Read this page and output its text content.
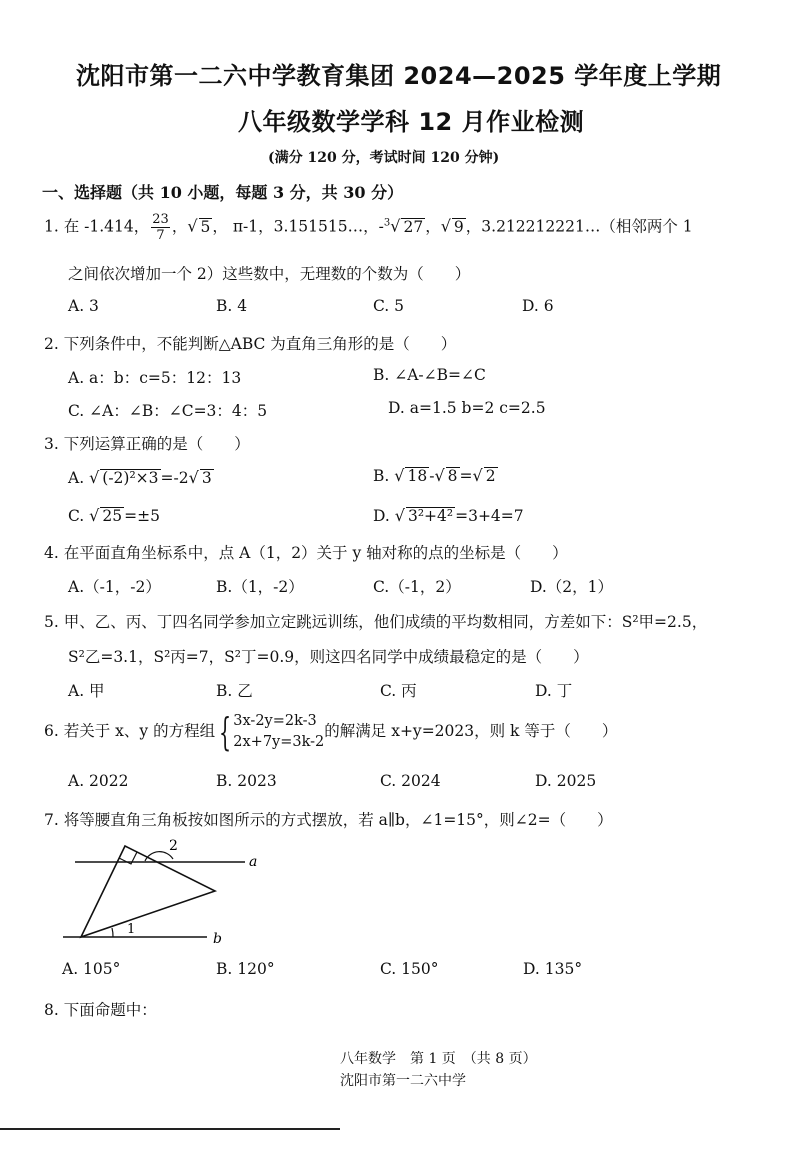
沈阳市第一二六中学教育集团 2024—2025 学年度上学期
八年级数学学科 12 月作业检测
(满分 120 分，考试时间 120 分钟)
一、选择题（共 10 小题，每题 3 分，共 30 分）
1. 在 -1.414， $\frac{23}{7}$ ，√ 5 ， π-1，3.151515…，-$^3$√ 27 ，√ 9 ，3.212212221…（相邻两个 1
之间依次增加一个 2）这些数中，无理数的个数为（　　）
A. 3	B. 4	C. 5	D. 6
2. 下列条件中，不能判断△ABC 为直角三角形的是（　　）
A. a：b：c=5：12：13	B. ∠A-∠B=∠C
C. ∠A：∠B：∠C=3：4：5	D. a=1.5 b=2 c=2.5
3. 下列运算正确的是（　　）
A. √ (-2)²×3 =-2√ 3	B. √ 18 -√ 8 =√ 2
C. √ 25 =±5	D. √ 3²+4² =3+4=7
4. 在平面直角坐标系中，点 A（1，2）关于 y 轴对称的点的坐标是（　　）
A.（-1，-2）	B.（1，-2）	C.（-1，2）	D.（2，1）
5. 甲、乙、丙、丁四名同学参加立定跳远训练，他们成绩的平均数相同，方差如下：S²甲=2.5，
S²乙=3.1，S²丙=7，S²丁=0.9，则这四名同学中成绩最稳定的是（　　）
A. 甲	B. 乙	C. 丙	D. 丁
6. 若关于 x、y 的方程组 { 3x-2y=2k-3
2x+7y=3k-2
的解满足 x+y=2023，则 k 等于（　　）
A. 2022	B. 2023	C. 2024	D. 2025
7. 将等腰直角三角板按如图所示的方式摆放，若 a∥b，∠1=15°，则∠2=（　　）
2
a
1
b
A. 105°	B. 120°	C. 150°	D. 135°
8. 下面命题中：
八年数学　第 1 页　（共 8 页）
沈阳市第一二六中学
